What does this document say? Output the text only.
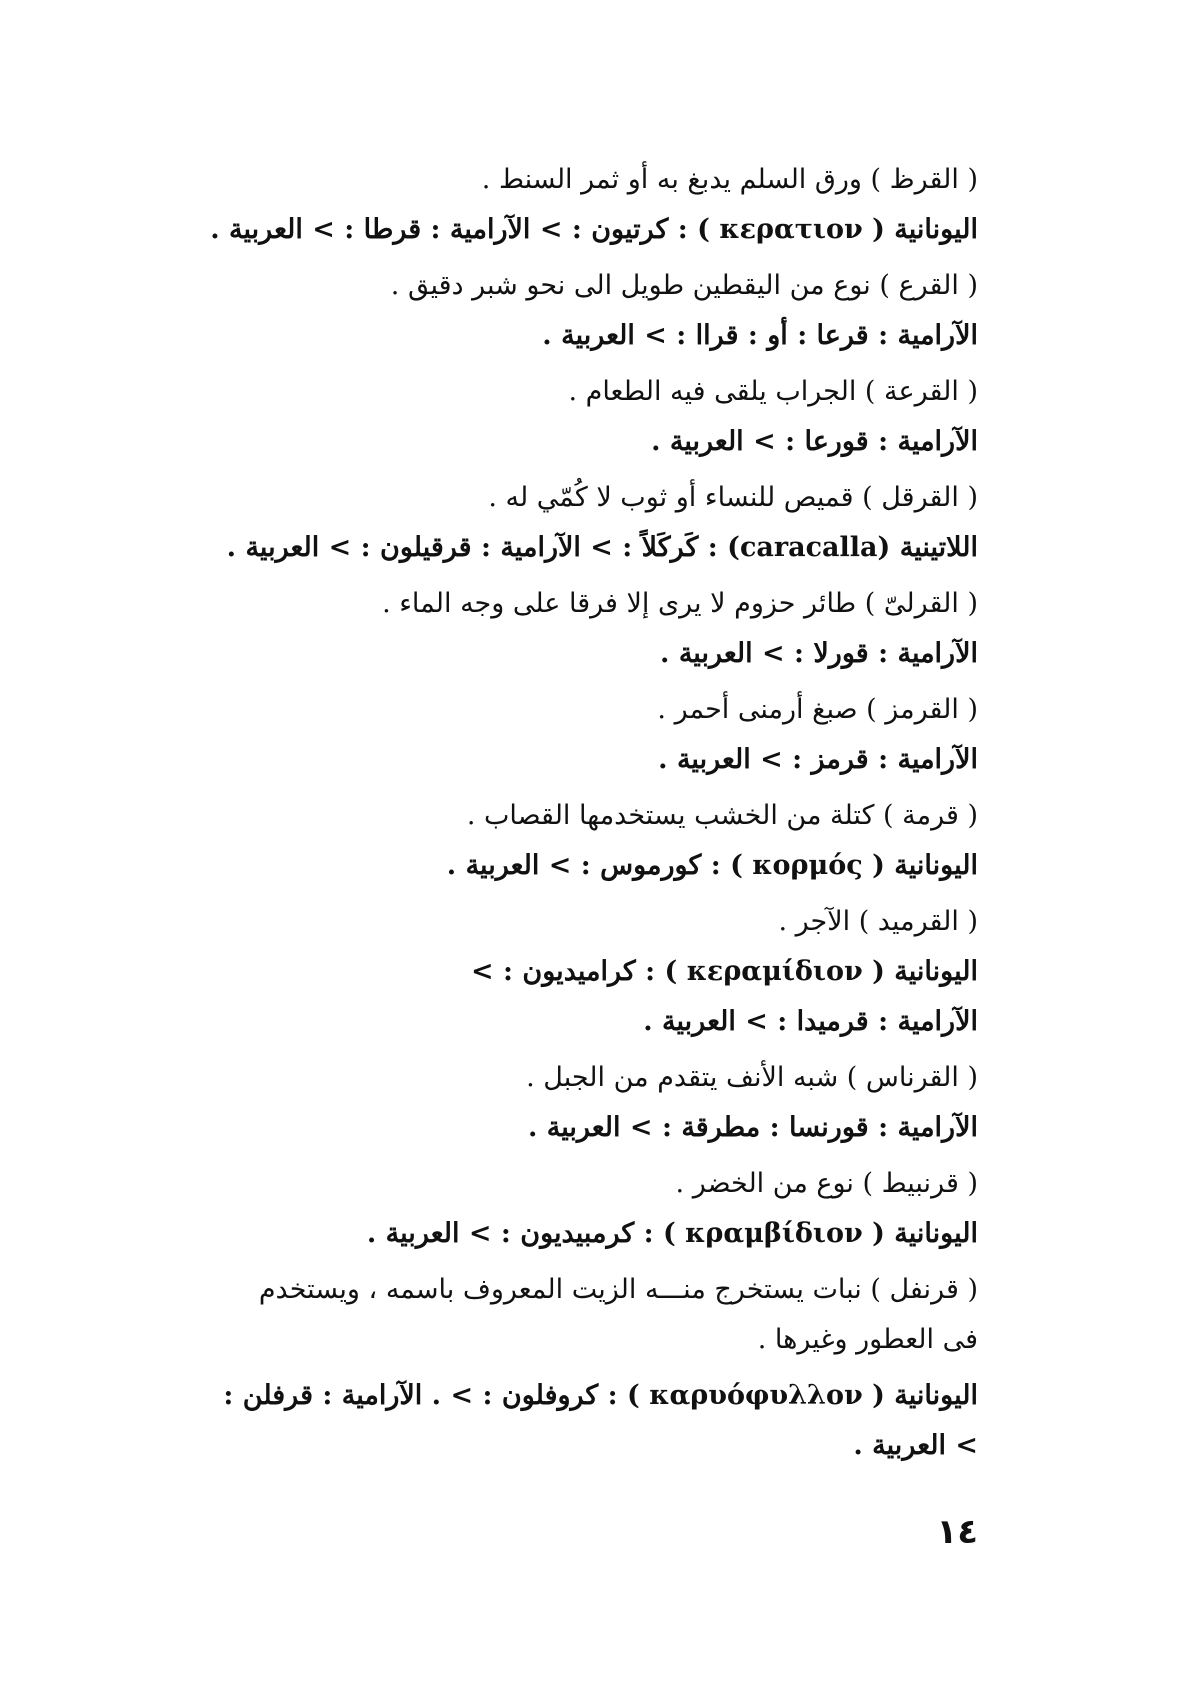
( القرظ ) ورق السلم يدبغ به أو ثمر السنط .
اليونانية ( κερατιον ) : كرتيون : > الآرامية : قرطا : > العربية .
( القرع ) نوع من اليقطين طويل الى نحو شبر دقيق .
الآرامية : قرعا : أو : قراا : > العربية .
( القرعة ) الجراب يلقى فيه الطعام .
الآرامية : قورعا : > العربية .
( القرقل ) قميص للنساء أو ثوب لا كُمّي له .
اللاتينية (caracalla) : كَركَلاً : > الآرامية : قرقيلون : > العربية .
( القرلىّ ) طائر حزوم لا يرى إلا فرقا على وجه الماء .
الآرامية : قورلا : > العربية .
( القرمز ) صبغ أرمنى أحمر .
الآرامية : قرمز : > العربية .
( قرمة ) كتلة من الخشب يستخدمها القصاب .
اليونانية ( κορμός ) : كورموس : > العربية .
( القرميد ) الآجر .
اليونانية ( κεραμίδιον ) : كراميديون : >
الآرامية : قرميدا : > العربية .
( القرناس ) شبه الأنف يتقدم من الجبل .
الآرامية : قورنسا : مطرقة : > العربية .
( قرنبيط ) نوع من الخضر .
اليونانية ( κραμβίδιον ) : كرمبيديون : > العربية .
( قرنفل ) نبات يستخرج منـــه الزيت المعروف باسمه ، ويستخدم
فى العطور وغيرها .
اليونانية ( καρυόφυλλον ) : كروفلون : > . الآرامية : قرفلن :
> العربية .
١٤
